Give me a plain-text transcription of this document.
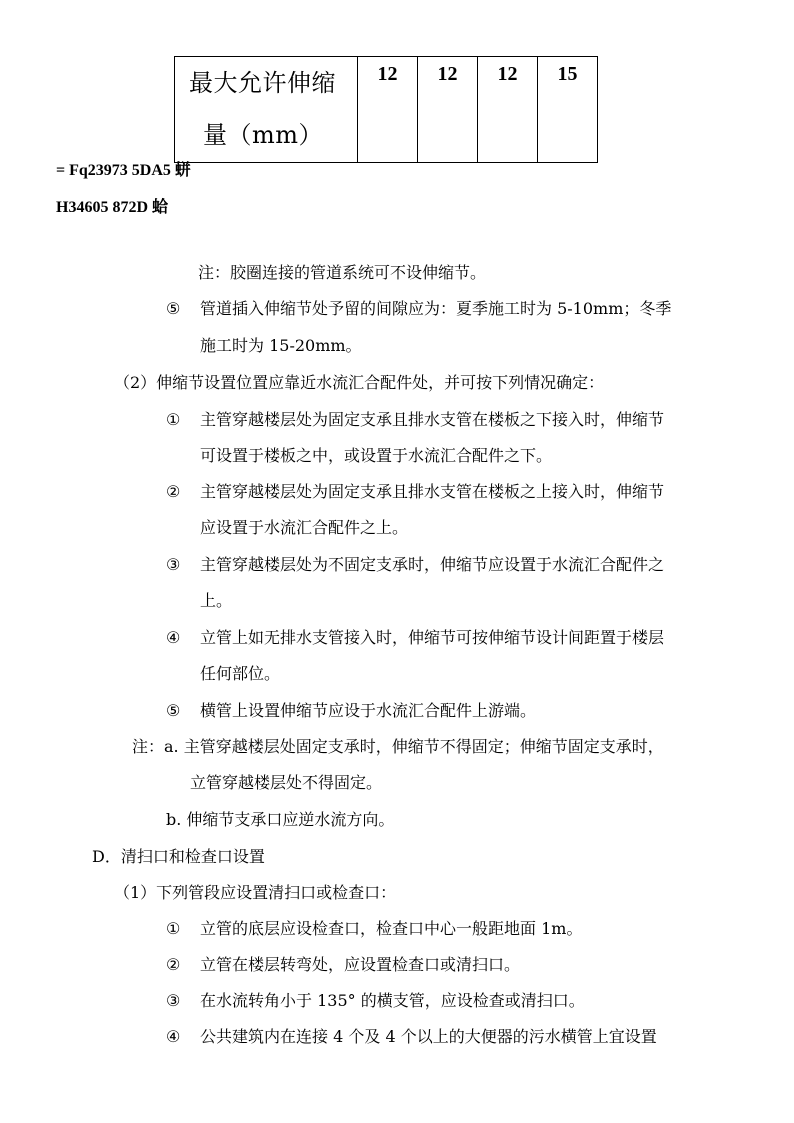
最大允许伸缩
量（mm）
	12	12	12	15
= Fq23973 5DA5 蛢
H34605 872D 蛤
注：胶圈连接的管道系统可不设伸缩节。
⑤ 管道插入伸缩节处予留的间隙应为：夏季施工时为 5-10mm；冬季
施工时为 15-20mm。
（2）伸缩节设置位置应靠近水流汇合配件处，并可按下列情况确定：
① 主管穿越楼层处为固定支承且排水支管在楼板之下接入时，伸缩节
可设置于楼板之中，或设置于水流汇合配件之下。
② 主管穿越楼层处为固定支承且排水支管在楼板之上接入时，伸缩节
应设置于水流汇合配件之上。
③ 主管穿越楼层处为不固定支承时，伸缩节应设置于水流汇合配件之
上。
④ 立管上如无排水支管接入时，伸缩节可按伸缩节设计间距置于楼层
任何部位。
⑤ 横管上设置伸缩节应设于水流汇合配件上游端。
注：a. 主管穿越楼层处固定支承时，伸缩节不得固定；伸缩节固定支承时，
立管穿越楼层处不得固定。
b. 伸缩节支承口应逆水流方向。
D．清扫口和检查口设置
（1）下列管段应设置清扫口或检查口：
① 立管的底层应设检查口，检查口中心一般距地面 1m。
② 立管在楼层转弯处，应设置检查口或清扫口。
③ 在水流转角小于 135° 的横支管，应设检查或清扫口。
④ 公共建筑内在连接 4 个及 4 个以上的大便器的污水横管上宜设置
